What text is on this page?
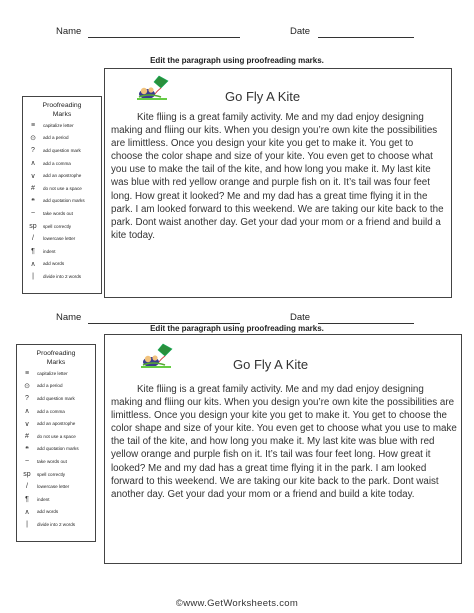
Name	Date
Edit the paragraph using proofreading marks.
Proofreading
Marks
≡	capitalize letter
⊙	add a period
?	add question mark
∧	add a comma
∨	add an apostrophe
#	do not use a space
❝	add quotation marks
~	take words out
sp spell correctly
/	lowercase letter
¶	indent
∧	add words
|	divide into 2 words
Go Fly A Kite
Kite fliing is a great family activity. Me and my dad enjoy designing making and fliing our kits. When you design you’re own kite the possibilities are limittless. Once you design your kite you get to make it. You get to choose the color shape and size of your kite. You even get to choose what you use to make the tail of the kite, and how long you make it. My last kite was blue with red yellow orange and purple fish on it. It’s tail was four feet long. How great it looked? Me and my dad has a great time flying it in the park. I am looked forward to this weekend. We are taking our kite back to the park. Dont waist another day. Get your dad your mom or a friend and build a kite today.
Name	Date
Edit the paragraph using proofreading marks.
Proofreading
Marks
≡	capitalize letter
⊙	add a period
?	add question mark
∧	add a comma
∨	add an apostrophe
#	do not use a space
❝	add quotation marks
~	take words out
sp spell correctly
/	lowercase letter
¶	indent
∧	add words
|	divide into 2 words
Go Fly A Kite
Kite fliing is a great family activity. Me and my dad enjoy designing making and fliing our kits. When you design you’re own kite the possibilities are limittless. Once you design your kite you get to make it. You get to choose the color shape and size of your kite. You even get to choose what you use to make the tail of the kite, and how long you make it. My last kite was blue with red yellow orange and purple fish on it. It’s tail was four feet long. How great it looked? Me and my dad has a great time flying it in the park. I am looked forward to this weekend. We are taking our kite back to the park. Dont waist another day. Get your dad your mom or a friend and build a kite today.
©www.GetWorksheets.com
